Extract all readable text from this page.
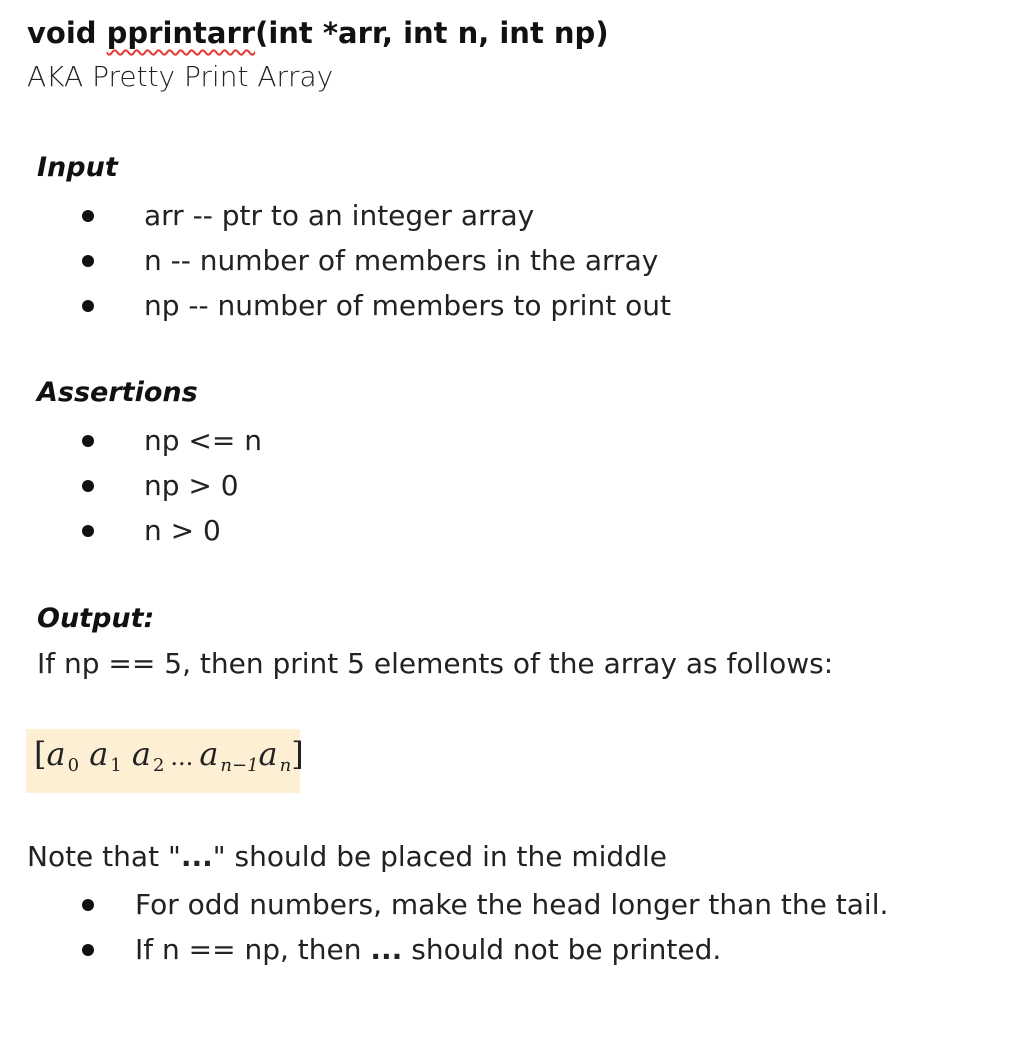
void pprintarr(int *arr, int n, int np)
AKA Pretty Print Array
Input
arr -- ptr to an integer array
n -- number of members in the array
np -- number of members to print out
Assertions
np <= n
np > 0
n > 0
Output:
If np == 5, then print 5 elements of the array as follows:
[a $_0$ a $_1$ a $_2$ ... a $_{n-1}$a $_n$]
Note that "..." should be placed in the middle
For odd numbers, make the head longer than the tail.
If n == np, then ... should not be printed.
